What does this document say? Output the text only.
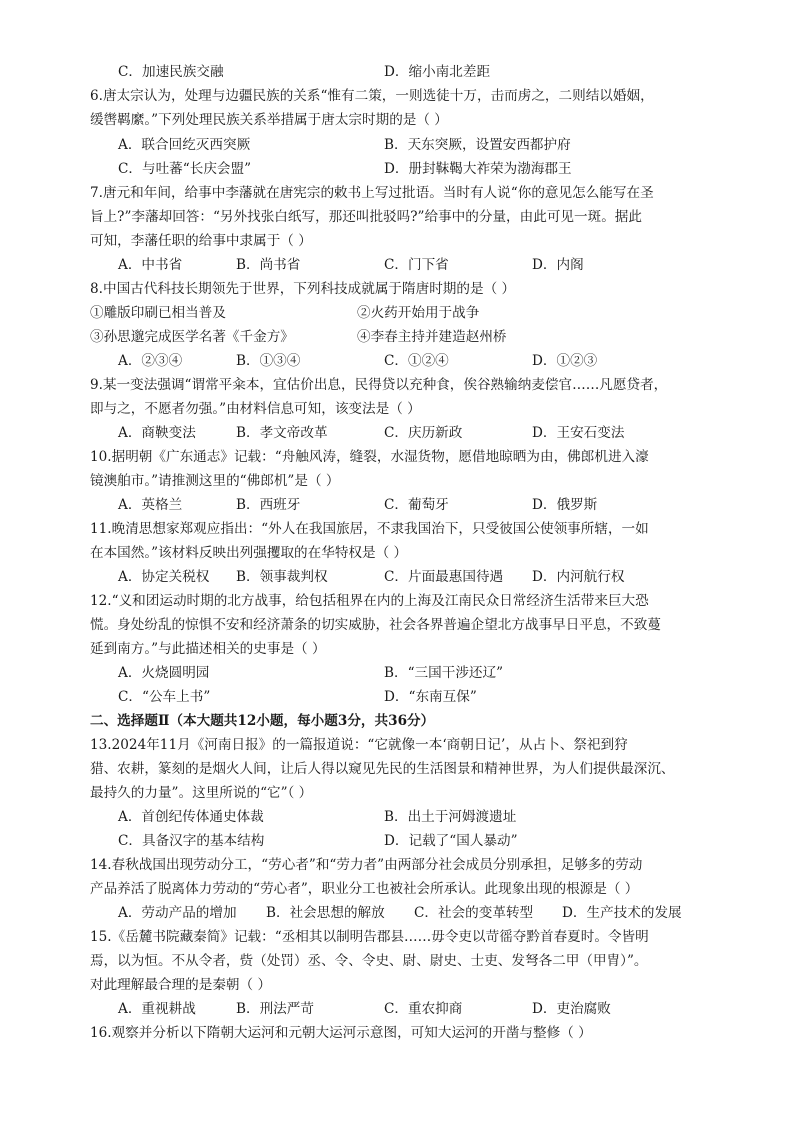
C．加速民族交融	D．缩小南北差距
6.唐太宗认为，处理与边疆民族的关系“惟有二策，一则选徒十万，击而虏之，二则结以婚姻，
缓辔羁縻。”下列处理民族关系举措属于唐太宗时期的是（ ）
A．联合回纥灭西突厥	B．天东突厥，设置安西都护府
C．与吐蕃“长庆会盟”	D．册封靺鞨大祚荣为渤海郡王
7.唐元和年间，给事中李藩就在唐宪宗的敕书上写过批语。当时有人说“你的意见怎么能写在圣
旨上?”李藩却回答：“另外找张白纸写，那还叫批驳吗?”给事中的分量，由此可见一斑。据此
可知，李藩任职的给事中隶属于（ ）
A．中书省	B．尚书省	C．门下省	D．内阁
8.中国古代科技长期领先于世界，下列科技成就属于隋唐时期的是（ ）
①雕版印刷已相当普及	②火药开始用于战争
③孙思邈完成医学名著《千金方》	④李春主持并建造赵州桥
A．②③④	B．①③④	C．①②④	D．①②③
9.某一变法强调“谓常平籴本，宜估价出息，民得贷以充种食，俟谷熟输纳麦偿官……凡愿贷者，
即与之，不愿者勿强。”由材料信息可知，该变法是（ ）
A．商鞅变法	B．孝文帝改革	C．庆历新政	D．王安石变法
10.据明朝《广东通志》记载：“舟触风涛，缝裂，水湿货物，愿借地晾晒为由，佛郎机进入濠
镜澳舶市。”请推测这里的“佛郎机”是（ ）
A．英格兰	B．西班牙	C．葡萄牙	D．俄罗斯
11.晚清思想家郑观应指出：“外人在我国旅居，不隶我国治下，只受彼国公使领事所辖，一如
在本国然。”该材料反映出列强攫取的在华特权是（ ）
A．协定关税权 B．领事裁判权	C．片面最惠国待遇 D．内河航行权
12.“义和团运动时期的北方战事，给包括租界在内的上海及江南民众日常经济生活带来巨大恐
慌。身处纷乱的惊惧不安和经济萧条的切实威胁，社会各界普遍企望北方战事早日平息，不致蔓
延到南方。”与此描述相关的史事是（ ）
A．火烧圆明园	B．“三国干涉还辽”
C．“公车上书”	D．“东南互保”
二、选择题Ⅱ（本大题共12小题，每小题3分，共36分）
13.2024年11月《河南日报》的一篇报道说：“它就像一本‘商朝日记’，从占卜、祭祀到狩
猎、农耕，篆刻的是烟火人间，让后人得以窥见先民的生活图景和精神世界，为人们提供最深沉、
最持久的力量”。这里所说的“它”（ ）
A．首创纪传体通史体裁	B．出土于河姆渡遗址
C．具备汉字的基本结构	D．记载了“国人暴动”
14.春秋战国出现劳动分工，“劳心者”和“劳力者”由两部分社会成员分别承担，足够多的劳动
产品养活了脱离体力劳动的“劳心者”，职业分工也被社会所承认。此现象出现的根源是（ ）
A．劳动产品的增加 B．社会思想的解放 C．社会的变革转型 D．生产技术的发展
15.《岳麓书院藏秦简》记载：“丞相其以制明告郡县……毋令吏以苛徭夺黔首春夏时。令皆明
焉，以为恒。不从令者，赀（处罚）丞、令、令史、尉、尉史、士吏、发弩各二甲（甲胄）”。
对此理解最合理的是秦朝（ ）
A．重视耕战	B．刑法严苛	C．重农抑商	D．吏治腐败
16.观察并分析以下隋朝大运河和元朝大运河示意图，可知大运河的开凿与整修（ ）
